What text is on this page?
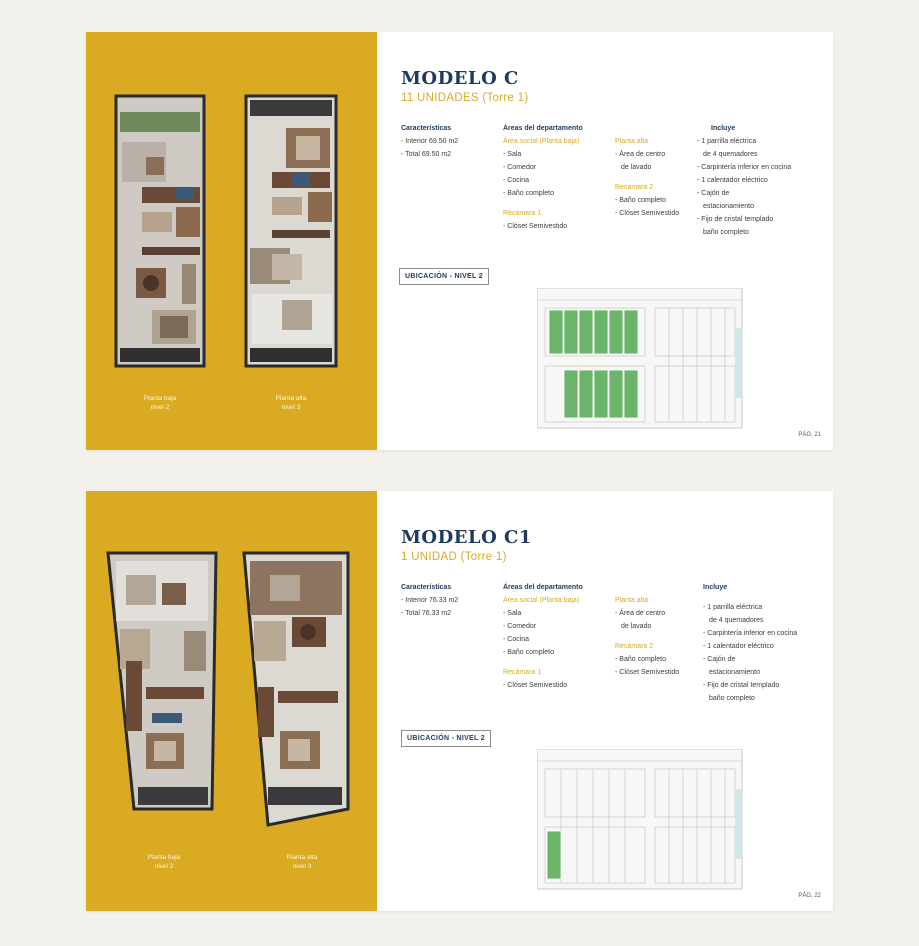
Planta baja
nivel 2
Planta alta
nivel 3
MODELO C
11 UNIDADES (Torre 1)
Características
- Interior 69.50 m2
- Total 69.50 m2
Áreas del departamento
Área social (Planta baja)
- Sala
- Comedor
- Cocina
- Baño completo
Recámara 1
- Clóset Semivestido
Planta alta
- Área de centro
de lavado
Recámara 2
- Baño completo
- Clóset Semivestido
Incluye
- 1 parrilla eléctrica
de 4 quemadores
- Carpintería inferior en cocina
- 1 calentador eléctrico
- Cajón de
estacionamiento
- Fijo de cristal templado
baño completo
UBICACIÓN - NIVEL 2
PÁG. 21
Planta baja
nivel 2
Planta alta
nivel 3
MODELO C1
1 UNIDAD (Torre 1)
Características
- Interior 76.33 m2
- Total 76.33 m2
Áreas del departamento
Área social (Planta baja)
- Sala
- Comedor
- Cocina
- Baño completo
Recámara 1
- Clóset Semivestido
Planta alta
- Área de centro
de lavado
Recámara 2
- Baño completo
- Clóset Semivestido
Incluye
- 1 parrilla eléctrica
de 4 quemadores
- Carpintería inferior en cocina
- 1 calentador eléctrico
- Cajón de
estacionamiento
- Fijo de cristal templado
baño completo
UBICACIÓN - NIVEL 2
PÁG. 22
